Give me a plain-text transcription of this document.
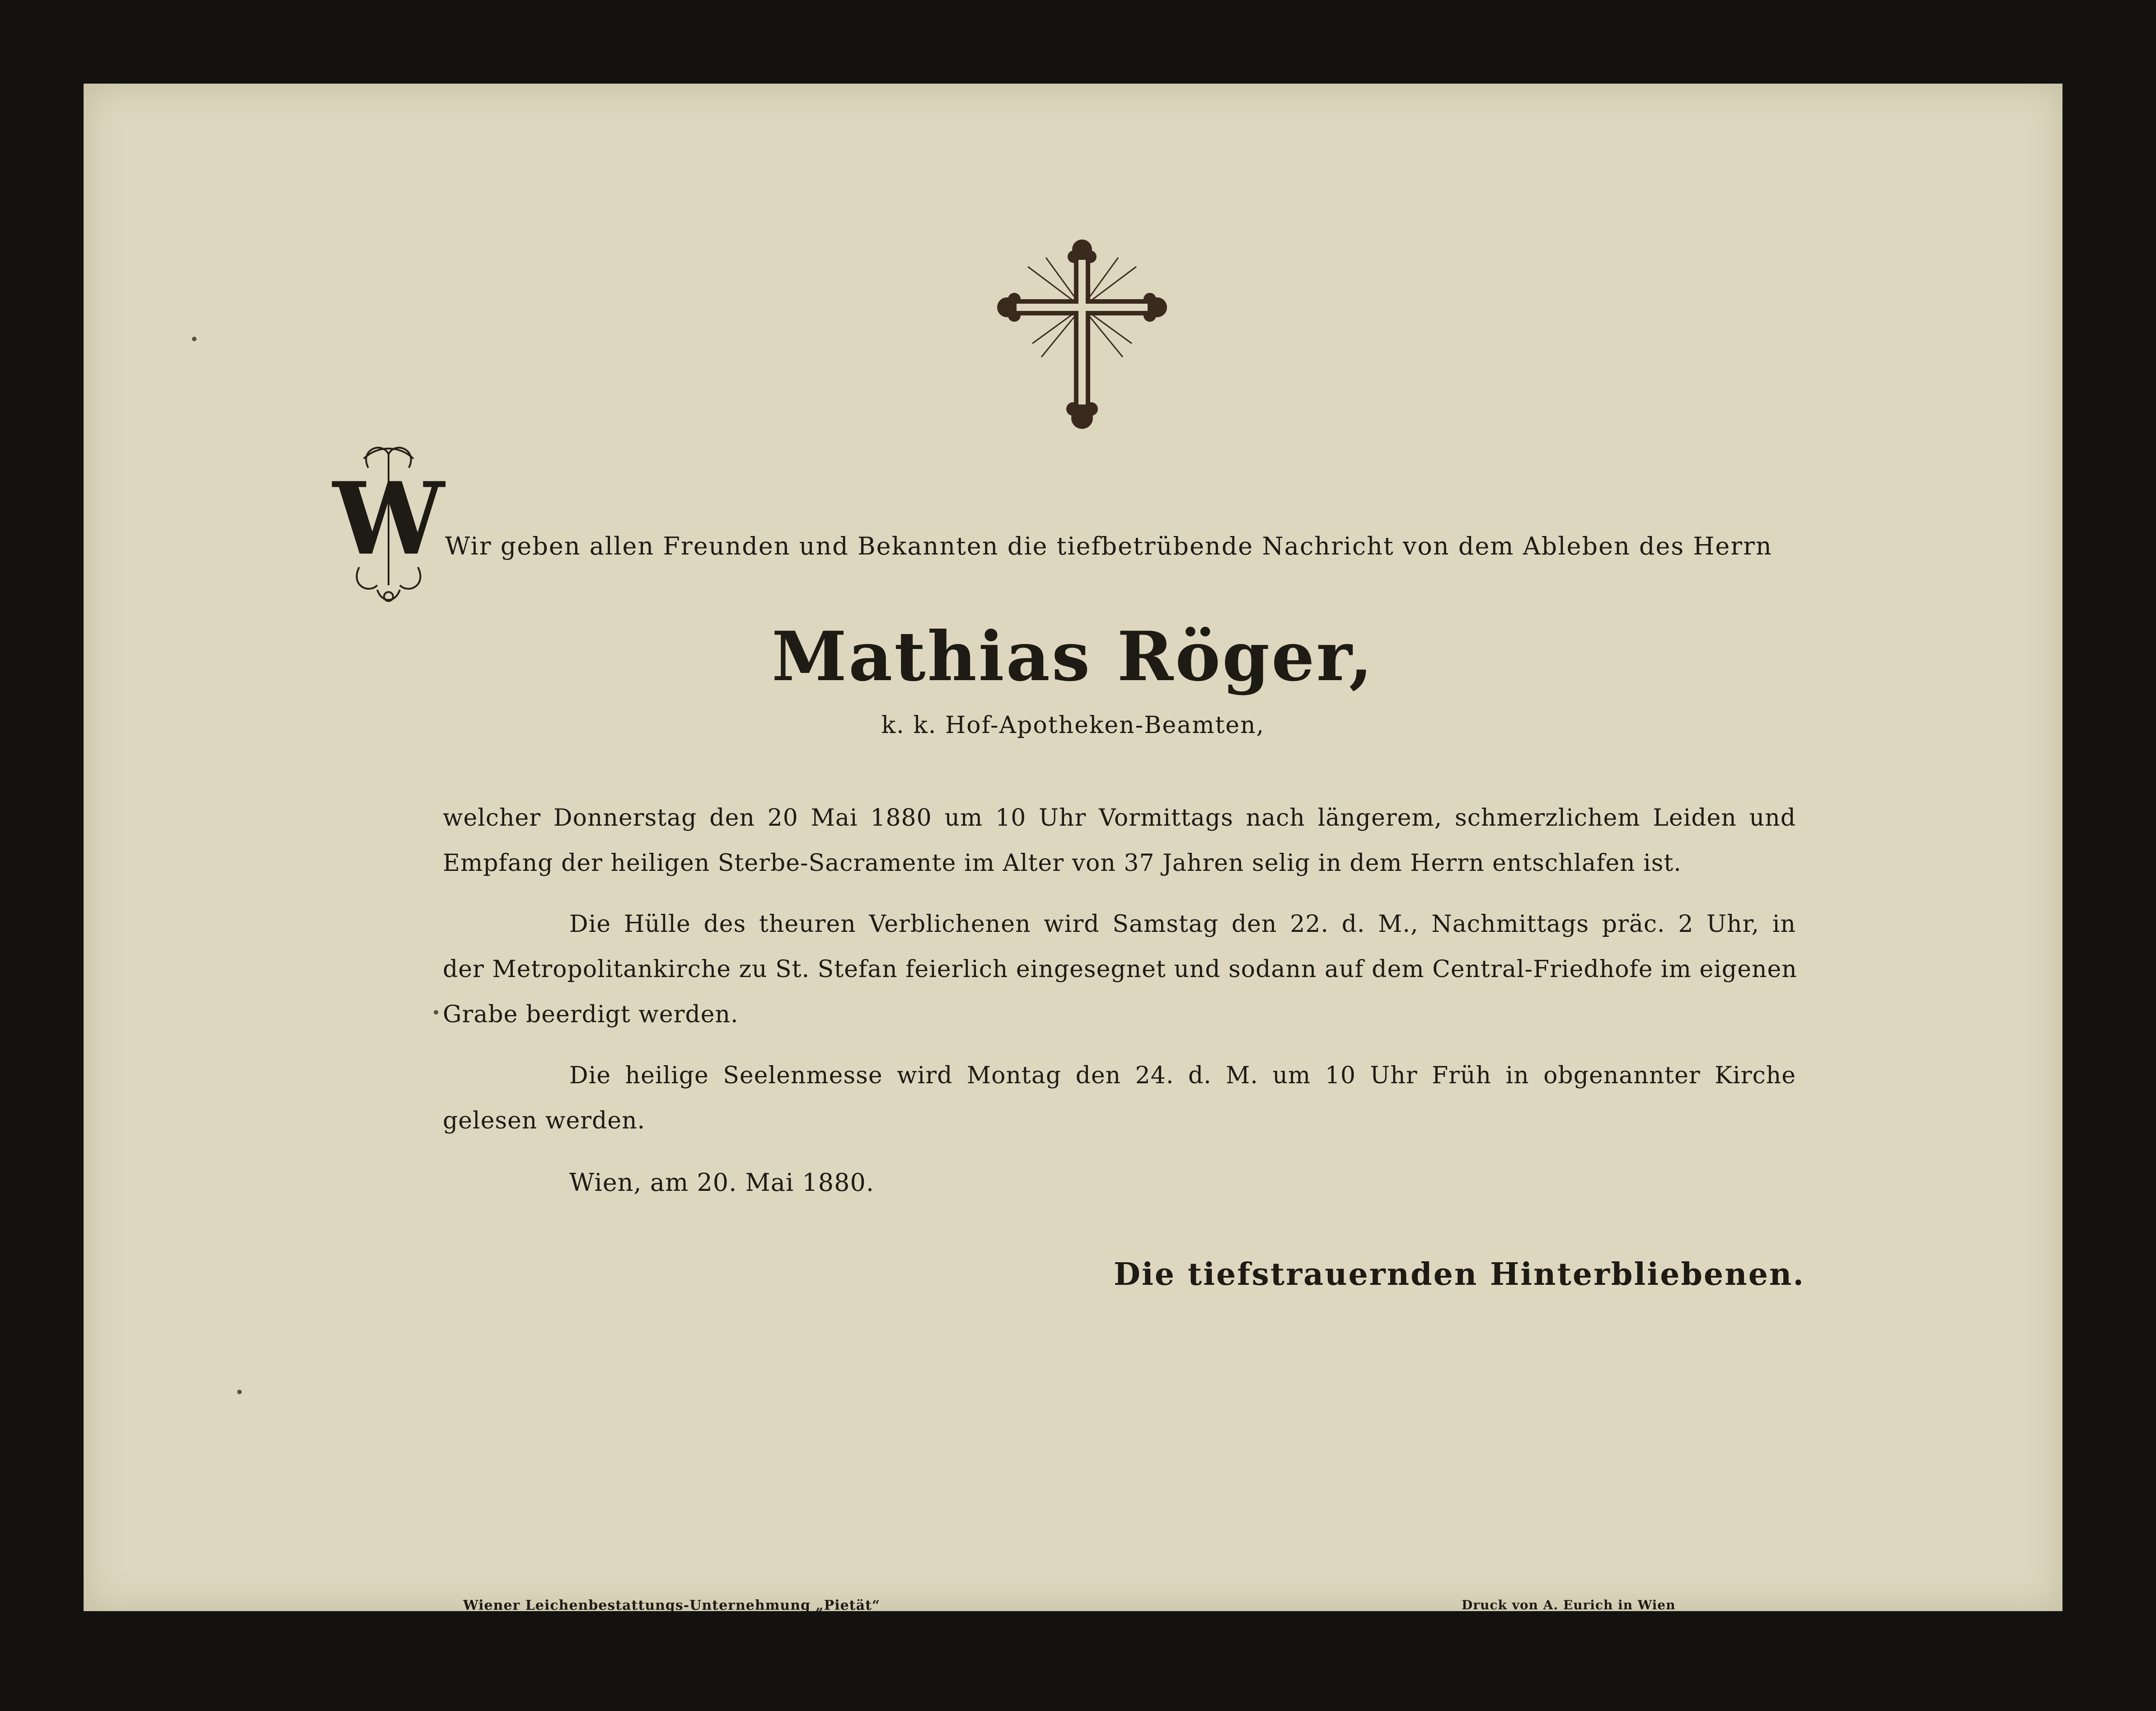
W Wir geben allen Freunden und Bekannten die tiefbetrübende Nachricht von dem Ableben des Herrn
Mathias Röger,
k. k. Hof-Apotheken-Beamten,
welcher Donnerstag den 20 Mai 1880 um 10 Uhr Vormittags nach längerem, schmerzlichem Leiden und
Empfang der heiligen Sterbe-Sacramente im Alter von 37 Jahren selig in dem Herrn entschlafen ist.
Die Hülle des theuren Verblichenen wird Samstag den 22. d. M., Nachmittags präc. 2 Uhr, in
der Metropolitankirche zu St. Stefan feierlich eingesegnet und sodann auf dem Central-Friedhofe im eigenen
Grabe beerdigt werden.
Die heilige Seelenmesse wird Montag den 24. d. M. um 10 Uhr Früh in obgenannter Kirche
gelesen werden.
Wien, am 20. Mai 1880.
Die tiefstrauernden Hinterbliebenen.
Wiener Leichenbestattungs-Unternehmung „Pietät“	Druck von A. Eurich in Wien
